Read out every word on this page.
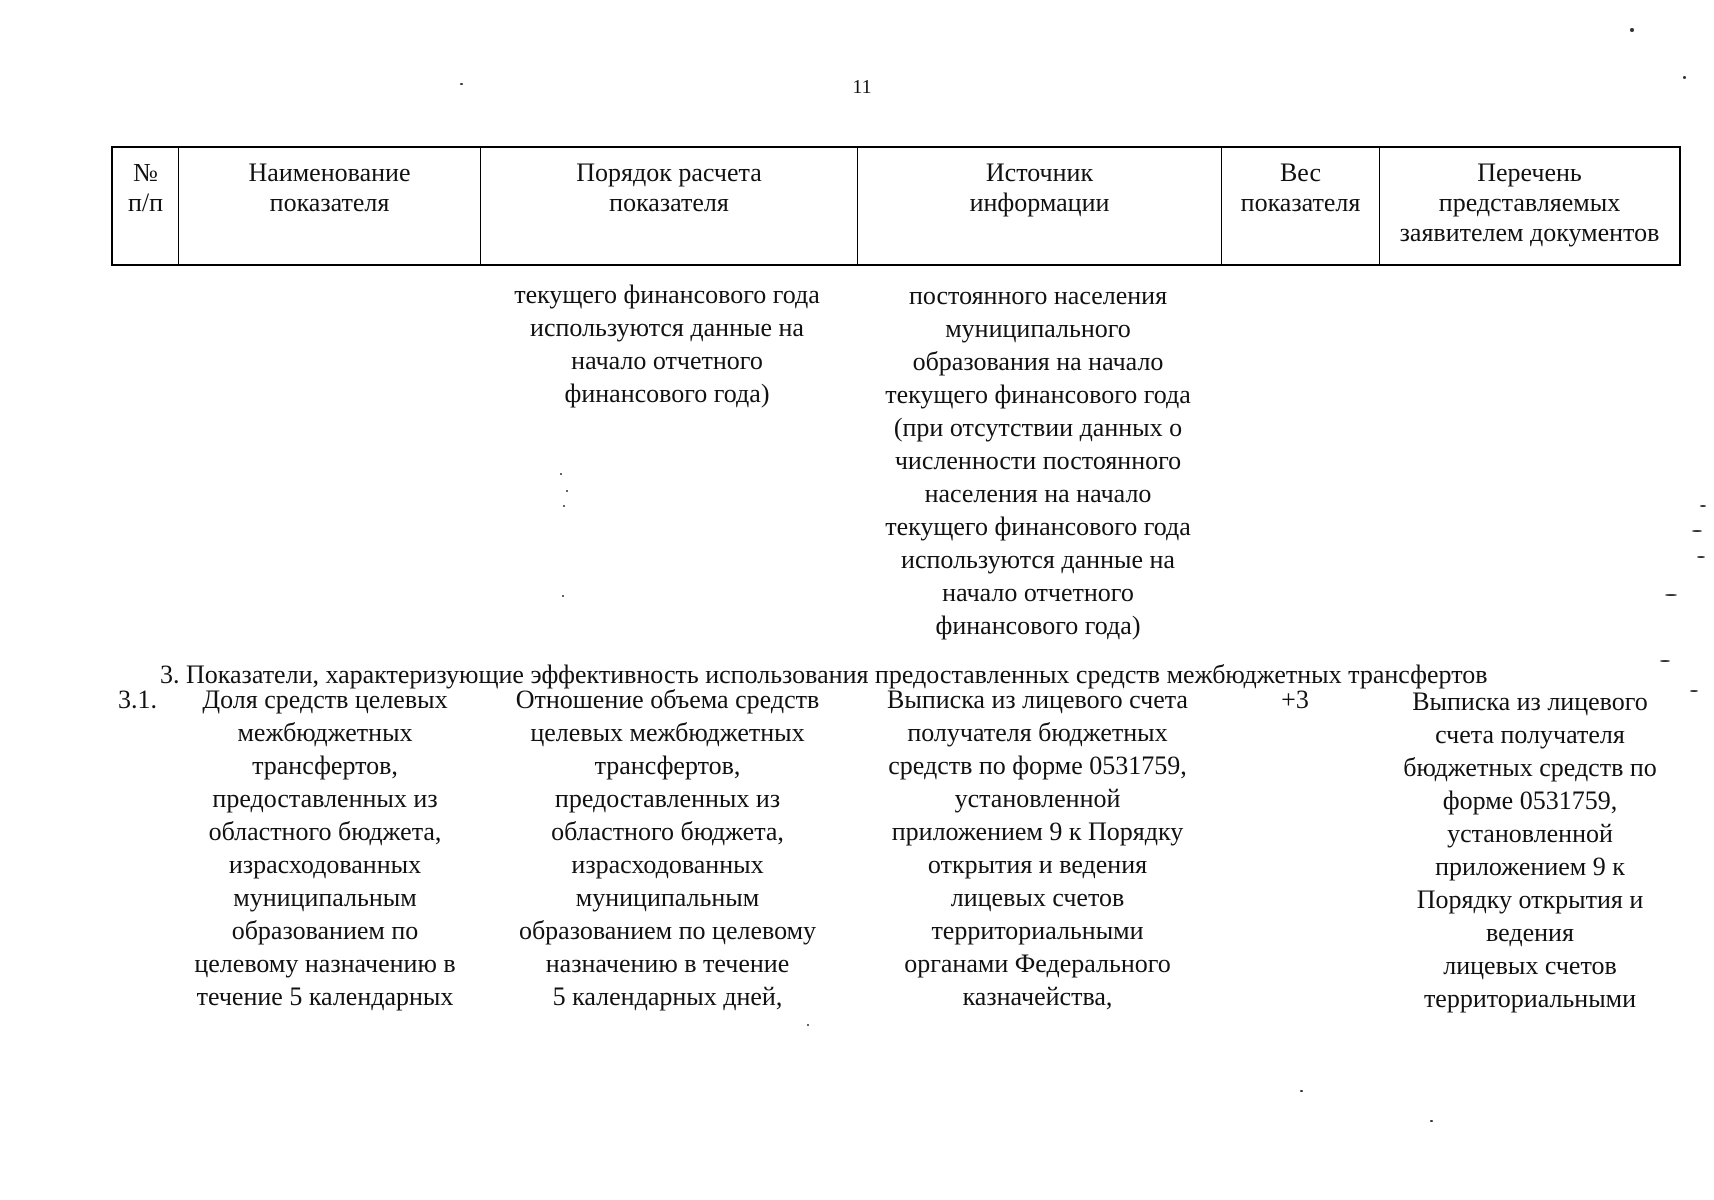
11
№
п/п
Наименование
показателя
Порядок расчета
показателя
Источник
информации
Вес
показателя
Перечень
представляемых
заявителем документов
текущего финансового года
используются данные на
начало отчетного
финансового года)
постоянного населения
муниципального
образования на начало
текущего финансового года
(при отсутствии данных о
численности постоянного
населения на начало
текущего финансового года
используются данные на
начало отчетного
финансового года)
3. Показатели, характеризующие эффективность использования предоставленных средств межбюджетных трансфертов
3.1.	Доля средств целевых
межбюджетных
трансфертов,
предоставленных из
областного бюджета,
израсходованных
муниципальным
образованием по
целевому назначению в
течение 5 календарных
Отношение объема средств
целевых межбюджетных
трансфертов,
предоставленных из
областного бюджета,
израсходованных
муниципальным
образованием по целевому
назначению в течение
5 календарных дней,
Выписка из лицевого счета
получателя бюджетных
средств по форме 0531759,
установленной
приложением 9 к Порядку
открытия и ведения
лицевых счетов
территориальными
органами Федерального
казначейства,
+3	Выписка из лицевого
счета получателя
бюджетных средств по
форме 0531759,
установленной
приложением 9 к
Порядку открытия и
ведения
лицевых счетов
территориальными
